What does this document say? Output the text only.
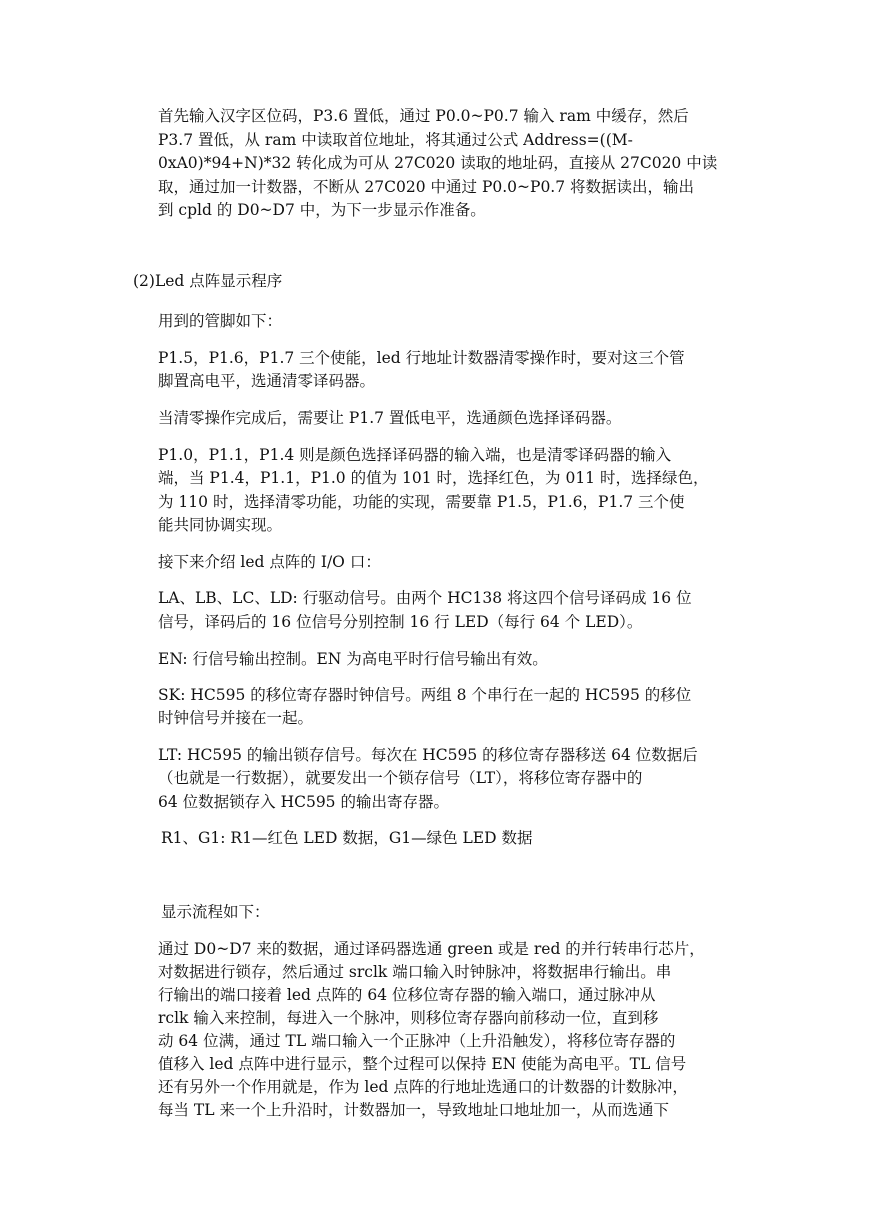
首先输入汉字区位码，P3.6 置低，通过 P0.0~P0.7 输入 ram 中缓存，然后
P3.7 置低，从 ram 中读取首位地址，将其通过公式 Address=((M-
0xA0)*94+N)*32 转化成为可从 27C020 读取的地址码，直接从 27C020 中读
取，通过加一计数器，不断从 27C020 中通过 P0.0~P0.7 将数据读出，输出
到 cpld 的 D0~D7 中，为下一步显示作准备。
(2)Led 点阵显示程序
用到的管脚如下：
P1.5，P1.6，P1.7 三个使能，led 行地址计数器清零操作时，要对这三个管
脚置高电平，选通清零译码器。
当清零操作完成后，需要让 P1.7 置低电平，选通颜色选择译码器。
P1.0，P1.1，P1.4 则是颜色选择译码器的输入端，也是清零译码器的输入
端，当 P1.4，P1.1，P1.0 的值为 101 时，选择红色，为 011 时，选择绿色，
为 110 时，选择清零功能，功能的实现，需要靠 P1.5，P1.6，P1.7 三个使
能共同协调实现。
接下来介绍 led 点阵的 I/O 口：
LA、LB、LC、LD: 行驱动信号。由两个 HC138 将这四个信号译码成 16 位
信号，译码后的 16 位信号分别控制 16 行 LED（每行 64 个 LED）。
EN: 行信号输出控制。EN 为高电平时行信号输出有效。
SK: HC595 的移位寄存器时钟信号。两组 8 个串行在一起的 HC595 的移位
时钟信号并接在一起。
LT: HC595 的输出锁存信号。每次在 HC595 的移位寄存器移送 64 位数据后
（也就是一行数据），就要发出一个锁存信号（LT），将移位寄存器中的
64 位数据锁存入 HC595 的输出寄存器。
R1、G1: R1—红色 LED 数据，G1—绿色 LED 数据
显示流程如下：
通过 D0~D7 来的数据，通过译码器选通 green 或是 red 的并行转串行芯片，
对数据进行锁存，然后通过 srclk 端口输入时钟脉冲，将数据串行输出。串
行输出的端口接着 led 点阵的 64 位移位寄存器的输入端口，通过脉冲从
rclk 输入来控制，每进入一个脉冲，则移位寄存器向前移动一位，直到移
动 64 位满，通过 TL 端口输入一个正脉冲（上升沿触发），将移位寄存器的
值移入 led 点阵中进行显示，整个过程可以保持 EN 使能为高电平。TL 信号
还有另外一个作用就是，作为 led 点阵的行地址选通口的计数器的计数脉冲，
每当 TL 来一个上升沿时，计数器加一，导致地址口地址加一，从而选通下
